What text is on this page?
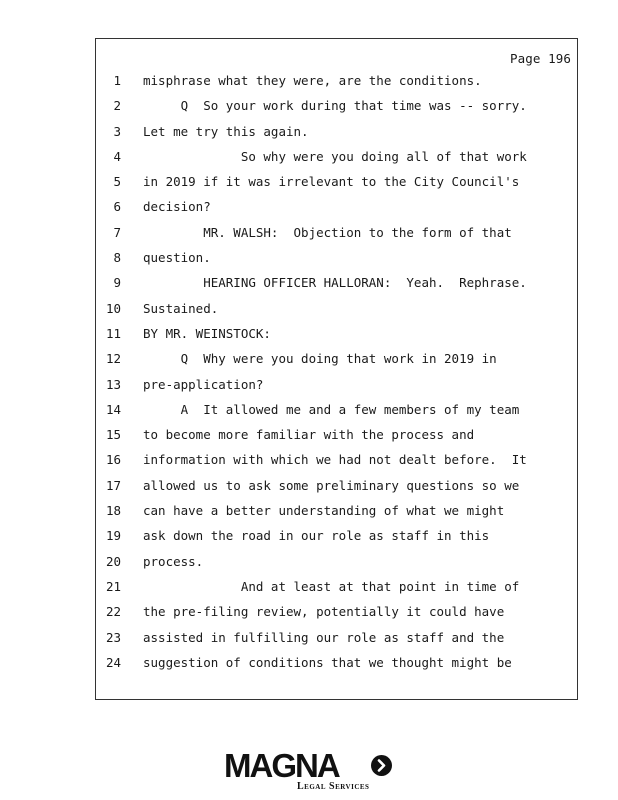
Page 196
1 misphrase what they were, are the conditions.
2 Q  So your work during that time was -- sorry.
3 Let me try this again.
4 So why were you doing all of that work
5 in 2019 if it was irrelevant to the City Council's
6 decision?
7 MR. WALSH:  Objection to the form of that
8 question.
9 HEARING OFFICER HALLORAN:  Yeah.  Rephrase.
10 Sustained.
11 BY MR. WEINSTOCK:
12 Q  Why were you doing that work in 2019 in
13 pre-application?
14 A  It allowed me and a few members of my team
15 to become more familiar with the process and
16 information with which we had not dealt before.  It
17 allowed us to ask some preliminary questions so we
18 can have a better understanding of what we might
19 ask down the road in our role as staff in this
20 process.
21 And at least at that point in time of
22 the pre-filing review, potentially it could have
23 assisted in fulfilling our role as staff and the
24 suggestion of conditions that we thought might be
MAGNA
Legal Services
